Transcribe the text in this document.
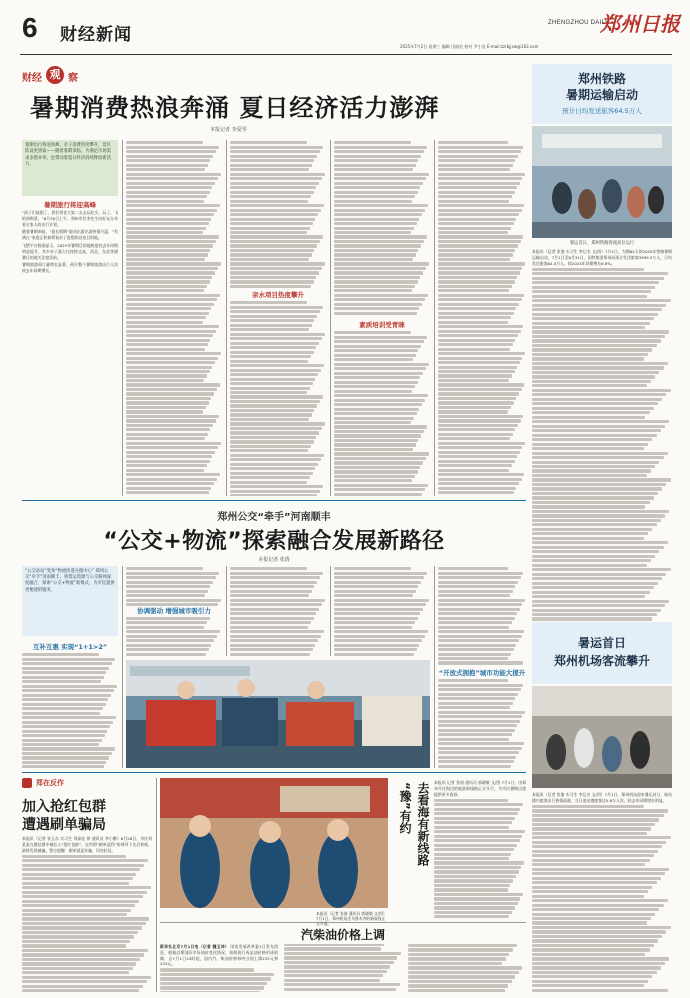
6 财经新闻
ZHENGZHOU DAILY
郑州日报
2025年7月2日 星期三 编辑 田丽宏 校对 尹小良 E-mail:zzrbjjxw@163.com
财经 观 察
暑期消费热浪奔涌 夏日经济活力澎湃
本报记者 李爱琴
暑期出行将迎高峰，亲子消费热度攀升，景区防设更到家——随着暑期来临，为满足市场需求多措并举，也带动着夏日经济持续释放新活力。
暑期旅行将迎高峰

“孩子们放假了，我们带老大第二去去玩吃买，玩了，飞机网购票，”6月30日上午，郑州市民李先生向好友分享着全家人的出行计划。

随着暑期来临，“超长假期”驱动出游出游热情升温，“有满孔”家庭正积极筹划亲子度假的首选目的地。

飞猪平台数据显示，2025年暑期目的地热度较去年同期明显提升，其中亲子游占比持续走高，西北、东北等避暑目的地关注度居前。

暑期旅游预订量增长显著，预计整个暑期旅游出行人次较去年同期增长。

亲水项目热度攀升
素质培训受青睐
郑州铁路
暑期运输启动
预计日均发送旅客64.5万人
暑运首日，郑州铁路客流高位运行
本报讯（记者 张曼 实习生 李记名 文/图）7月1日，为期62天的2025年铁路暑期运输启动。7月1日至8月31日，国铁集团郑州局预计发送旅客3999.5万人，日均发送旅客64.5万人，较2024年同期增长6.8%。
郑州公交“牵手”河南顺丰
“公交+物流”探索融合发展新路径
本报记者 张倩
“公交站站”变身“物流快递分拨中心” 郑州公交“牵手”河南顺丰，将货运资源与公交路网深度融合，探索“公交+物流”新模式，为市民提供更便捷的服务。
互补互惠 实现“1+1>2”
协调驱动 增强城市吸引力
“开放式拥抱”城市功能大提升
暑运首日
郑州机场客流攀升
本报讯（记者 张倩 实习生 李记名 文/图）7月1日，郑州机场迎来暑运首日，航站楼内旅客出行热情高涨，当日进出港旅客达5.8万人次，较去年同期增长明显。
郑在反作
加入抢红包群
遭遇刷单骗局
本报讯（记者 张玉东 实习生 刘泰佳 徐 通讯员 李小鹏）6月28日，市民刘某某在微信群中被拉入“抢红包群”，在所谓“刷单返利”的诱导下先后转账，最终发现被骗。警方提醒：刷单就是诈骗，切勿轻信。
本报讯（记者 张倩 通讯员 郭晓敏 文/图）7月1日，郑州机场至乌鲁木齐的新航线正式开通。
“豫”有约 去看海有新线路	本报讯 记者 张倩 通讯员 郭晓敏 文/图 7月1日，由郑州开往海边的旅游新线路正式开行，为市民暑期出游提供更多选择。
汽柴油价格上调
新华社北京7月1日电（记者 魏玉坤） 国家发展改革委1日发布消息，根据近期国际市场油价变化情况，按照现行成品油价格形成机制，自7月1日24时起，国内汽、柴油价格每吨分别上调235元和225元。
